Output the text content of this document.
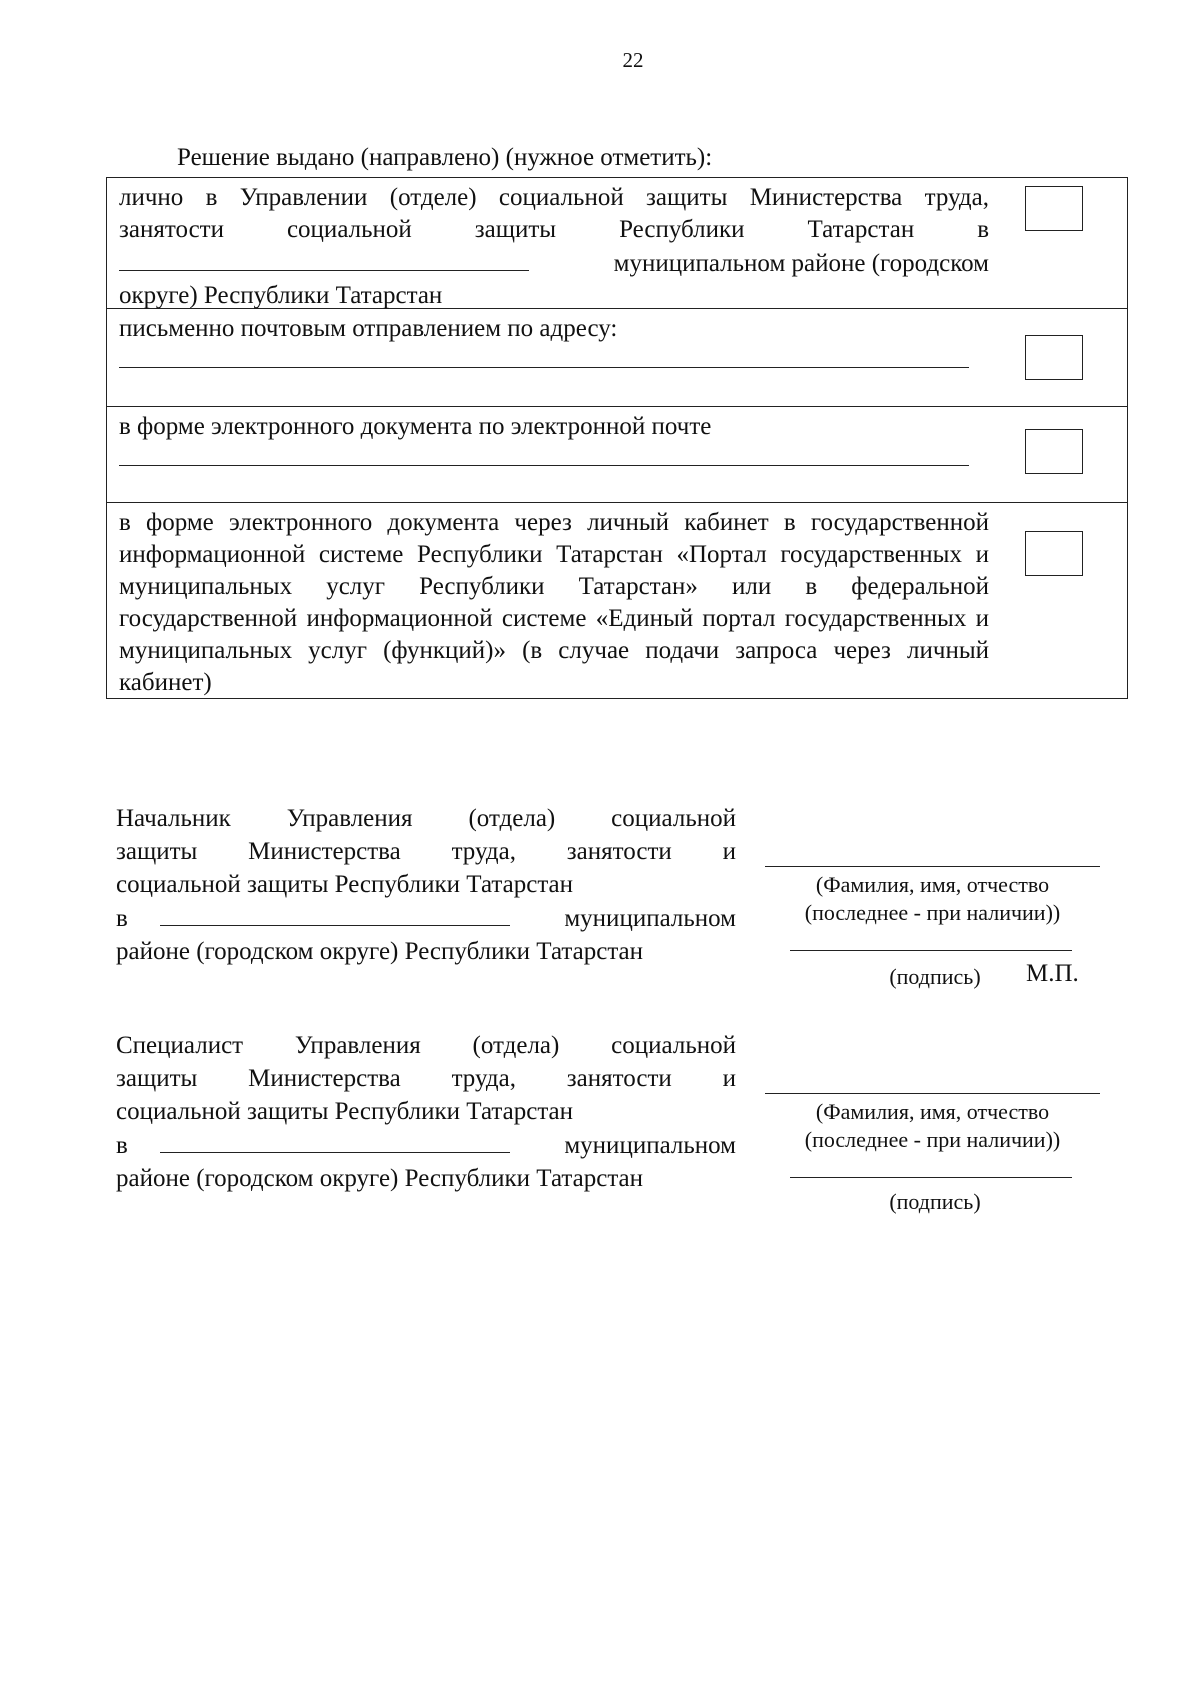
22
Решение выдано (направлено) (нужное отметить):
лично в Управлении (отделе) социальной защиты Министерства труда,
занятости социальной защиты Республики Татарстан в
муниципальном районе (городском
округе) Республики Татарстан

письменно почтовым отправлением по адресу:

в форме электронного документа по электронной почте

в форме электронного документа через личный кабинет в государственной информационной системе Республики Татарстан «Портал государственных и муниципальных услуг Республики Татарстан» или в федеральной государственной информационной системе «Единый портал государственных и муниципальных услуг (функций)» (в случае подачи запроса через личный кабинет)
Начальник Управления (отдела) социальной
защиты Министерства труда, занятости и
социальной защиты Республики Татарстан
в	муниципальном
районе (городском округе) Республики Татарстан
(Фамилия, имя, отчество
(последнее - при наличии))
(подпись)	М.П.
Специалист Управления (отдела) социальной
защиты Министерства труда, занятости и
социальной защиты Республики Татарстан
в	муниципальном
районе (городском округе) Республики Татарстан
(Фамилия, имя, отчество
(последнее - при наличии))
(подпись)
